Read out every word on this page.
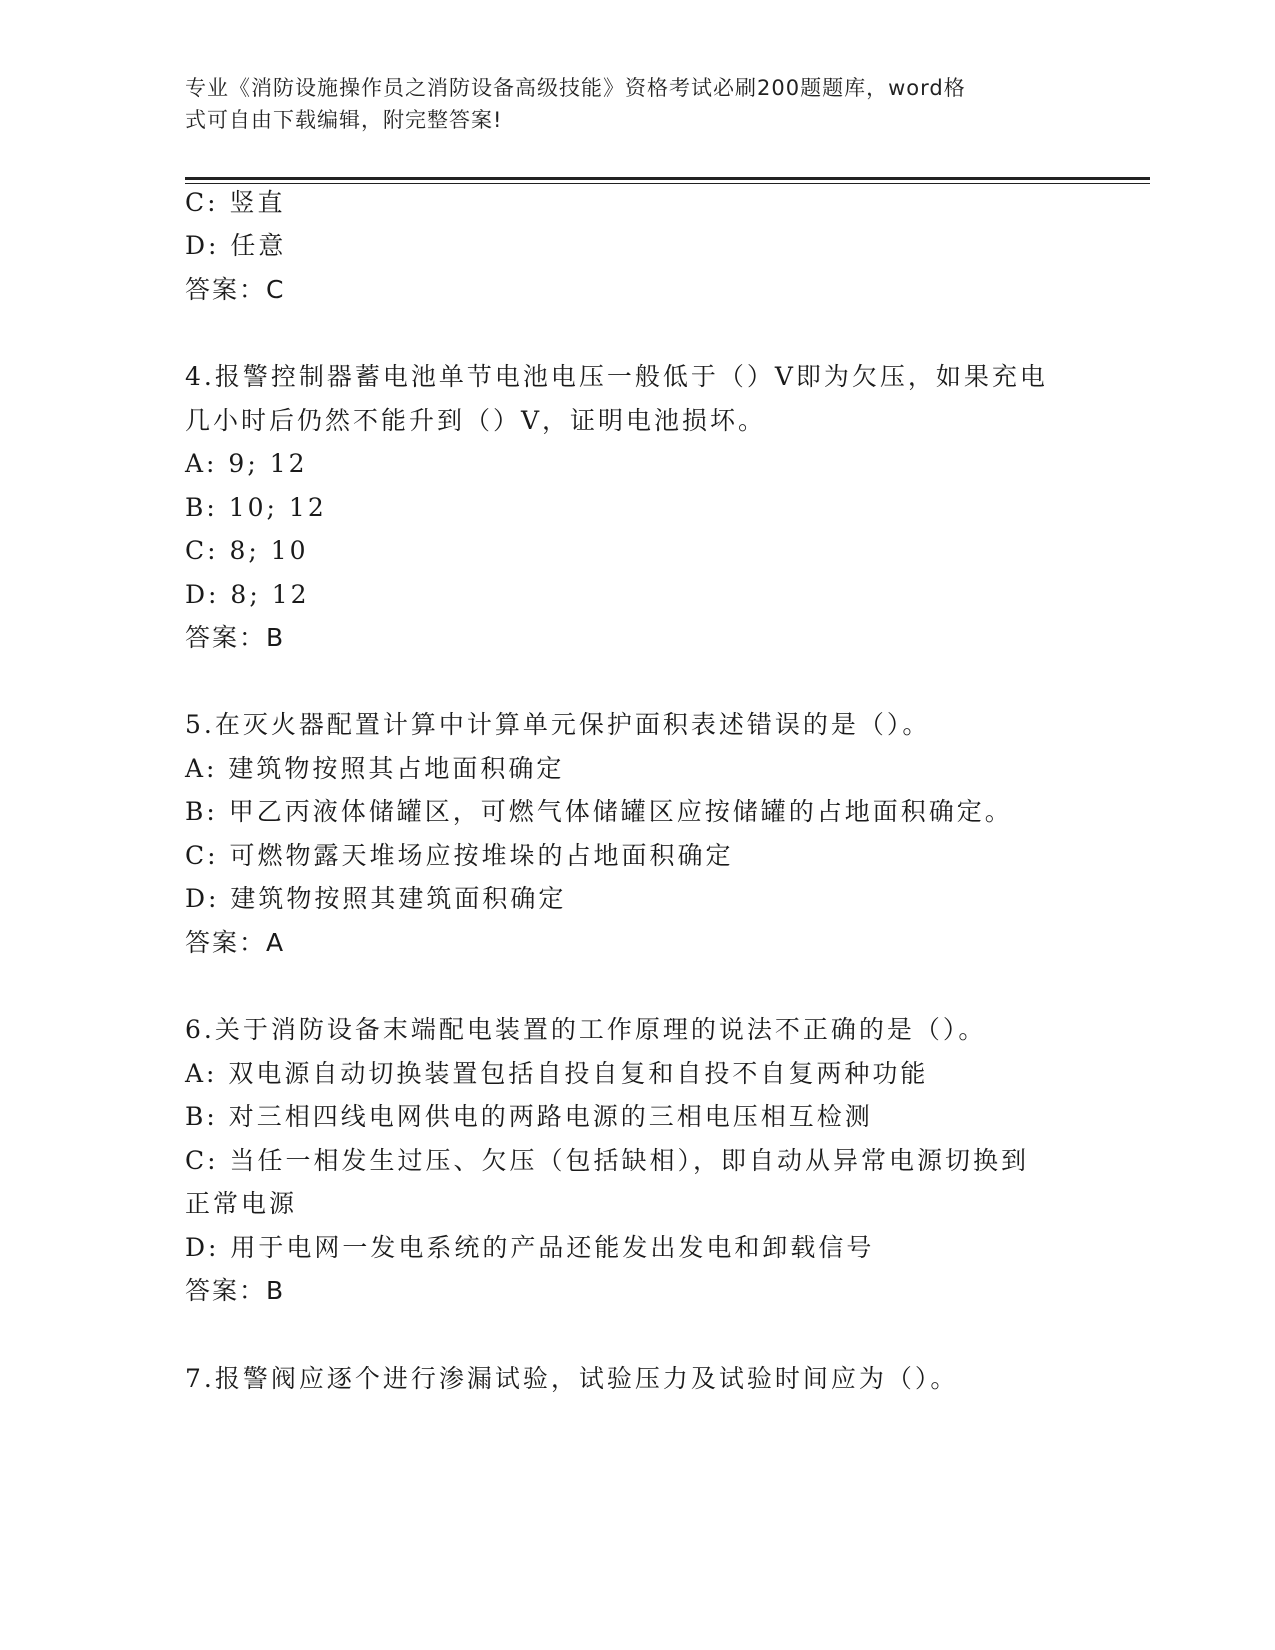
专业《消防设施操作员之消防设备高级技能》资格考试必刷200题题库，word格
式可自由下载编辑，附完整答案!
C: 竖直
D: 任意
答案：C
4.报警控制器蓄电池单节电池电压一般低于（）V即为欠压，如果充电
几小时后仍然不能升到（）V，证明电池损坏。
A: 9; 12
B: 10; 12
C: 8; 10
D: 8; 12
答案：B
5.在灭火器配置计算中计算单元保护面积表述错误的是（）。
A: 建筑物按照其占地面积确定
B: 甲乙丙液体储罐区，可燃气体储罐区应按储罐的占地面积确定。
C: 可燃物露天堆场应按堆垛的占地面积确定
D: 建筑物按照其建筑面积确定
答案：A
6.关于消防设备末端配电装置的工作原理的说法不正确的是（）。
A: 双电源自动切换装置包括自投自复和自投不自复两种功能
B: 对三相四线电网供电的两路电源的三相电压相互检测
C: 当任一相发生过压、欠压（包括缺相），即自动从异常电源切换到
正常电源
D: 用于电网一发电系统的产品还能发出发电和卸载信号
答案：B
7.报警阀应逐个进行渗漏试验，试验压力及试验时间应为（）。
